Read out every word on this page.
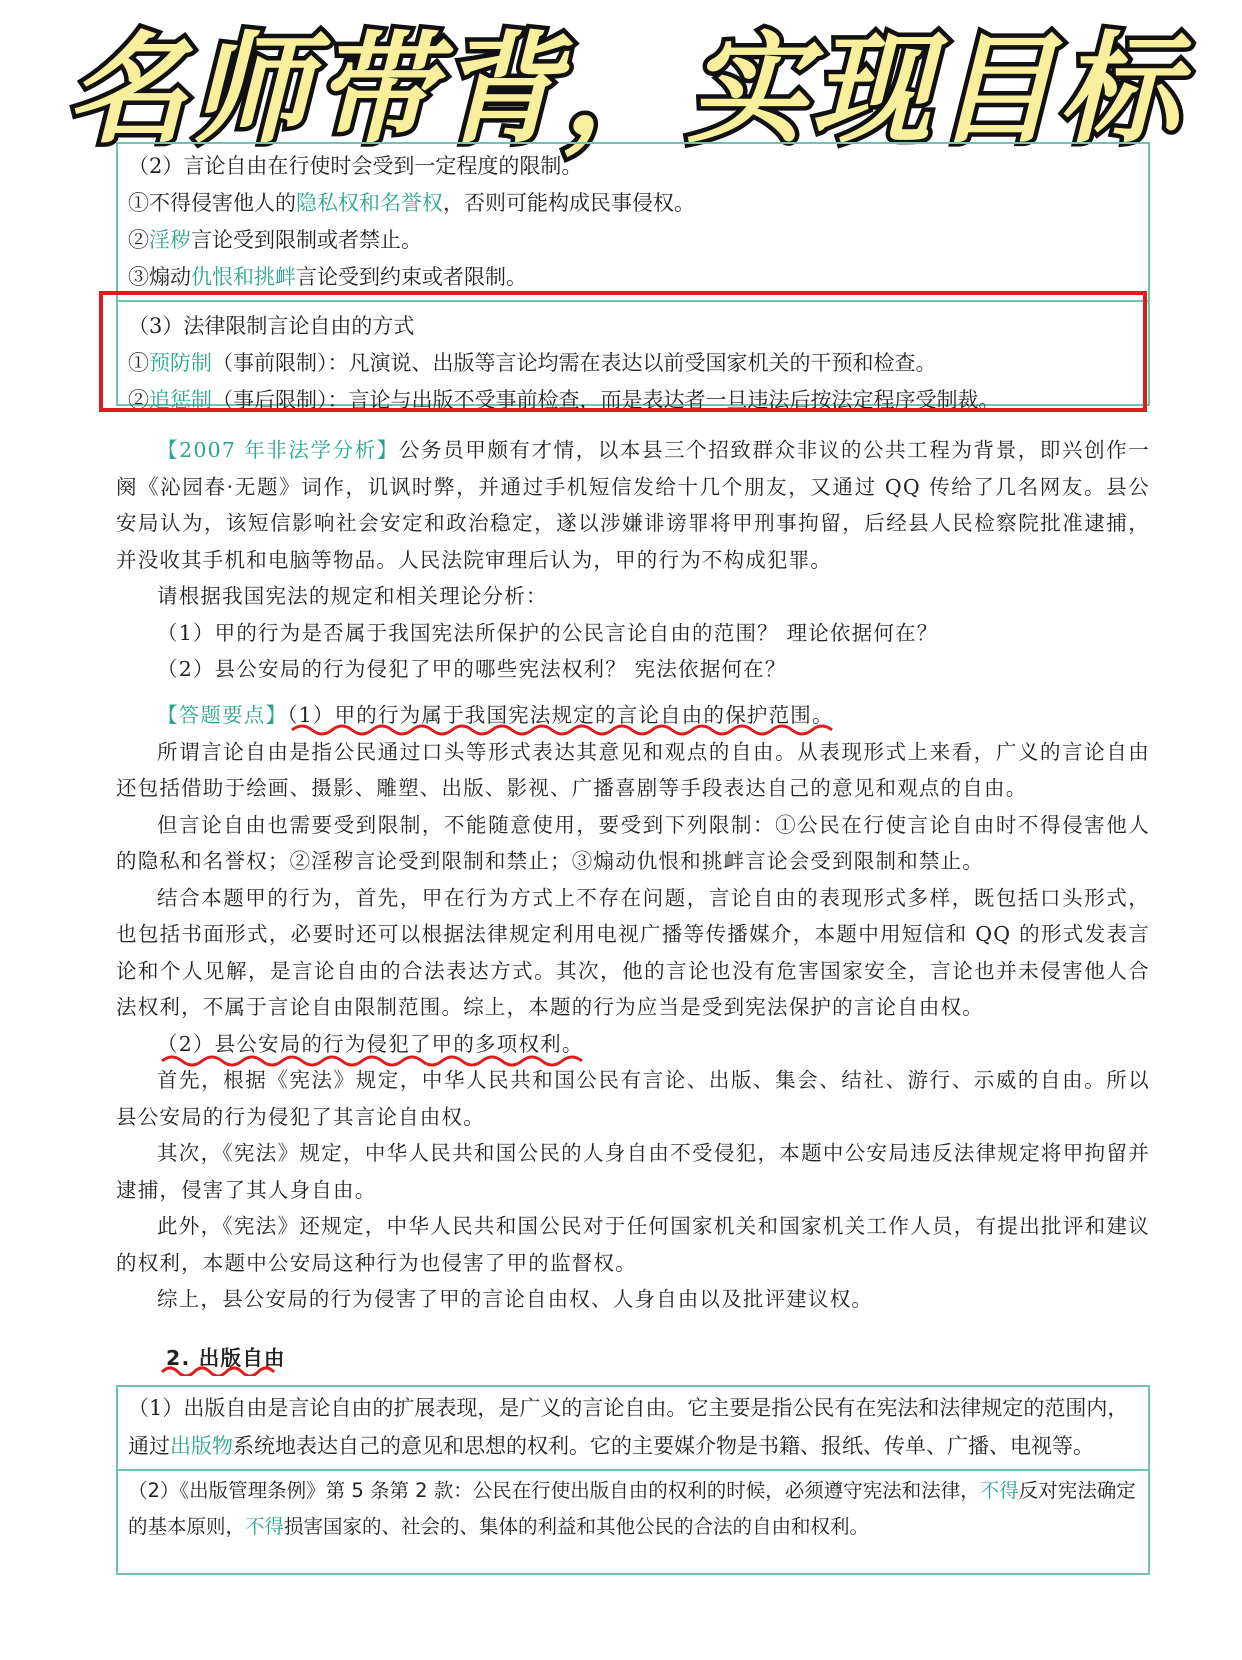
名师带背，实现目标
（2）言论自由在行使时会受到一定程度的限制。
①不得侵害他人的隐私权和名誉权，否则可能构成民事侵权。
②淫秽言论受到限制或者禁止。
③煽动仇恨和挑衅言论受到约束或者限制。
（3）法律限制言论自由的方式
①预防制（事前限制）：凡演说、出版等言论均需在表达以前受国家机关的干预和检查。
②追惩制（事后限制）：言论与出版不受事前检查，而是表达者一旦违法后按法定程序受制裁。

【2007 年非法学分析】公务员甲颇有才情，以本县三个招致群众非议的公共工程为背景，即兴创作一阕《沁园春·无题》词作，讥讽时弊，并通过手机短信发给十几个朋友，又通过 QQ 传给了几名网友。县公安局认为，该短信影响社会安定和政治稳定，遂以涉嫌诽谤罪将甲刑事拘留，后经县人民检察院批准逮捕，并没收其手机和电脑等物品。人民法院审理后认为，甲的行为不构成犯罪。

请根据我国宪法的规定和相关理论分析：

（1）甲的行为是否属于我国宪法所保护的公民言论自由的范围？ 理论依据何在？

（2）县公安局的行为侵犯了甲的哪些宪法权利？ 宪法依据何在？

【答题要点】（1）甲的行为属于我国宪法规定的言论自由的保护范围。

所谓言论自由是指公民通过口头等形式表达其意见和观点的自由。从表现形式上来看，广义的言论自由还包括借助于绘画、摄影、雕塑、出版、影视、广播喜剧等手段表达自己的意见和观点的自由。

但言论自由也需要受到限制，不能随意使用，要受到下列限制：①公民在行使言论自由时不得侵害他人的隐私和名誉权；②淫秽言论受到限制和禁止；③煽动仇恨和挑衅言论会受到限制和禁止。

结合本题甲的行为，首先，甲在行为方式上不存在问题，言论自由的表现形式多样，既包括口头形式，也包括书面形式，必要时还可以根据法律规定利用电视广播等传播媒介，本题中用短信和 QQ 的形式发表言论和个人见解，是言论自由的合法表达方式。其次，他的言论也没有危害国家安全，言论也并未侵害他人合法权利，不属于言论自由限制范围。综上，本题的行为应当是受到宪法保护的言论自由权。

（2）县公安局的行为侵犯了甲的多项权利。

首先，根据《宪法》规定，中华人民共和国公民有言论、出版、集会、结社、游行、示威的自由。所以县公安局的行为侵犯了其言论自由权。

其次，《宪法》规定，中华人民共和国公民的人身自由不受侵犯，本题中公安局违反法律规定将甲拘留并逮捕，侵害了其人身自由。

此外，《宪法》还规定，中华人民共和国公民对于任何国家机关和国家机关工作人员，有提出批评和建议的权利，本题中公安局这种行为也侵害了甲的监督权。

综上，县公安局的行为侵害了甲的言论自由权、人身自由以及批评建议权。

2. 出版自由
（1）出版自由是言论自由的扩展表现，是广义的言论自由。它主要是指公民有在宪法和法律规定的范围内，通过出版物系统地表达自己的意见和思想的权利。它的主要媒介物是书籍、报纸、传单、广播、电视等。
（2）《出版管理条例》第 5 条第 2 款：公民在行使出版自由的权利的时候，必须遵守宪法和法律，不得反对宪法确定的基本原则，不得损害国家的、社会的、集体的利益和其他公民的合法的自由和权利。
